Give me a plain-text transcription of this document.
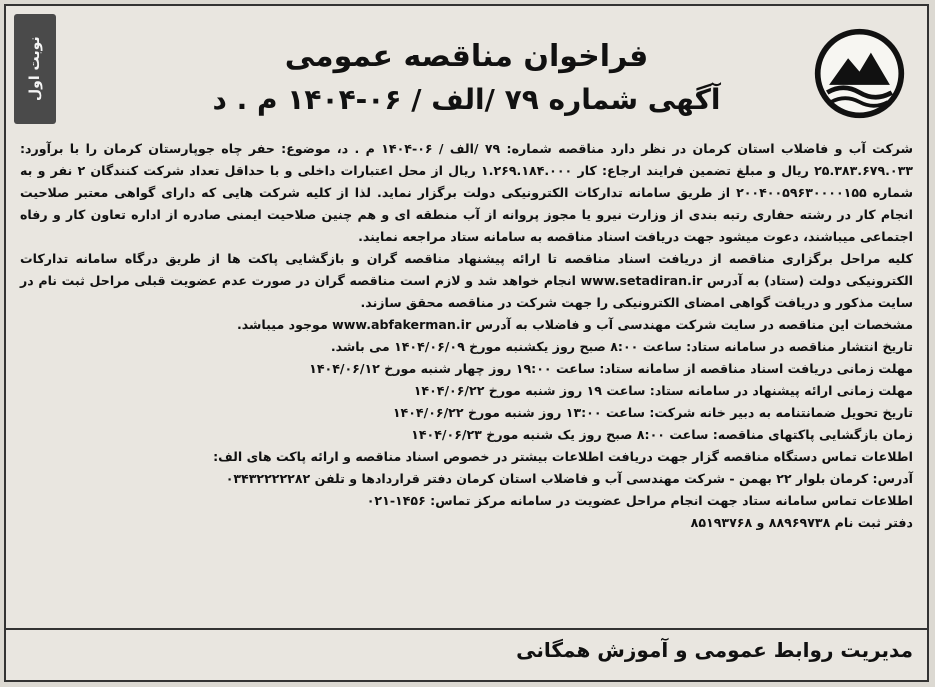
نوبت اول	فراخوان مناقصه عمومی
آگهی شماره ۷۹ /الف / ۰۶-۱۴۰۴ م . د

شرکت آب و فاضلاب استان کرمان در نظر دارد مناقصه شماره: ۷۹ /الف / ۰۶-۱۴۰۴ م . د، موضوع: حفر چاه جوپارستان کرمان را با برآورد: ۲۵.۳۸۳.۶۷۹.۰۳۳ ریال و مبلغ تضمین فرایند ارجاع: کار ۱.۲۶۹.۱۸۴.۰۰۰ ریال از محل اعتبارات داخلی و با حداقل تعداد شرکت کنندگان ۲ نفر و به شماره ۲۰۰۴۰۰۵۹۶۳۰۰۰۰۱۵۵ از طریق سامانه تدارکات الکترونیکی دولت برگزار نماید. لذا از کلیه شرکت هایی که دارای گواهی معتبر صلاحیت انجام کار در رشته حفاری رتبه بندی از وزارت نیرو یا مجوز پروانه از آب منطقه ای و هم چنین صلاحیت ایمنی صادره از اداره تعاون کار و رفاه اجتماعی میباشند، دعوت میشود جهت دریافت اسناد مناقصه به سامانه ستاد مراجعه نمایند.

کلیه مراحل برگزاری مناقصه از دریافت اسناد مناقصه تا ارائه پیشنهاد مناقصه گران و بازگشایی پاکت ها از طریق درگاه سامانه تدارکات الکترونیکی دولت (ستاد) به آدرس www.setadiran.ir انجام خواهد شد و لازم است مناقصه گران در صورت عدم عضویت قبلی مراحل ثبت نام در سایت مذکور و دریافت گواهی امضای الکترونیکی را جهت شرکت در مناقصه محقق سازند.

مشخصات این مناقصه در سایت شرکت مهندسی آب و فاضلاب به آدرس www.abfakerman.ir موجود میباشد.

تاریخ انتشار مناقصه در سامانه ستاد: ساعت ۸:۰۰ صبح روز یکشنبه مورخ ۱۴۰۴/۰۶/۰۹ می باشد.

مهلت زمانی دریافت اسناد مناقصه از سامانه ستاد: ساعت ۱۹:۰۰ روز چهار شنبه مورخ ۱۴۰۴/۰۶/۱۲

مهلت زمانی ارائه پیشنهاد در سامانه ستاد: ساعت ۱۹ روز شنبه مورخ ۱۴۰۴/۰۶/۲۲

تاریخ تحویل ضمانتنامه به دبیر خانه شرکت: ساعت ۱۳:۰۰ روز شنبه مورخ ۱۴۰۴/۰۶/۲۲

زمان بازگشایی پاکتهای مناقصه: ساعت ۸:۰۰ صبح روز یک شنبه مورخ ۱۴۰۴/۰۶/۲۳

اطلاعات تماس دستگاه مناقصه گزار جهت دریافت اطلاعات بیشتر در خصوص اسناد مناقصه و ارائه پاکت های الف:

آدرس: کرمان بلوار ۲۲ بهمن - شرکت مهندسی آب و فاضلاب استان کرمان دفتر قراردادها و تلفن ۰۳۴۳۲۲۲۲۲۸۲

اطلاعات تماس سامانه ستاد جهت انجام مراحل عضویت در سامانه مرکز تماس: ۱۴۵۶-۰۲۱

دفتر ثبت نام ۸۸۹۶۹۷۳۸ و ۸۵۱۹۳۷۶۸

مدیریت روابط عمومی و آموزش همگانی
